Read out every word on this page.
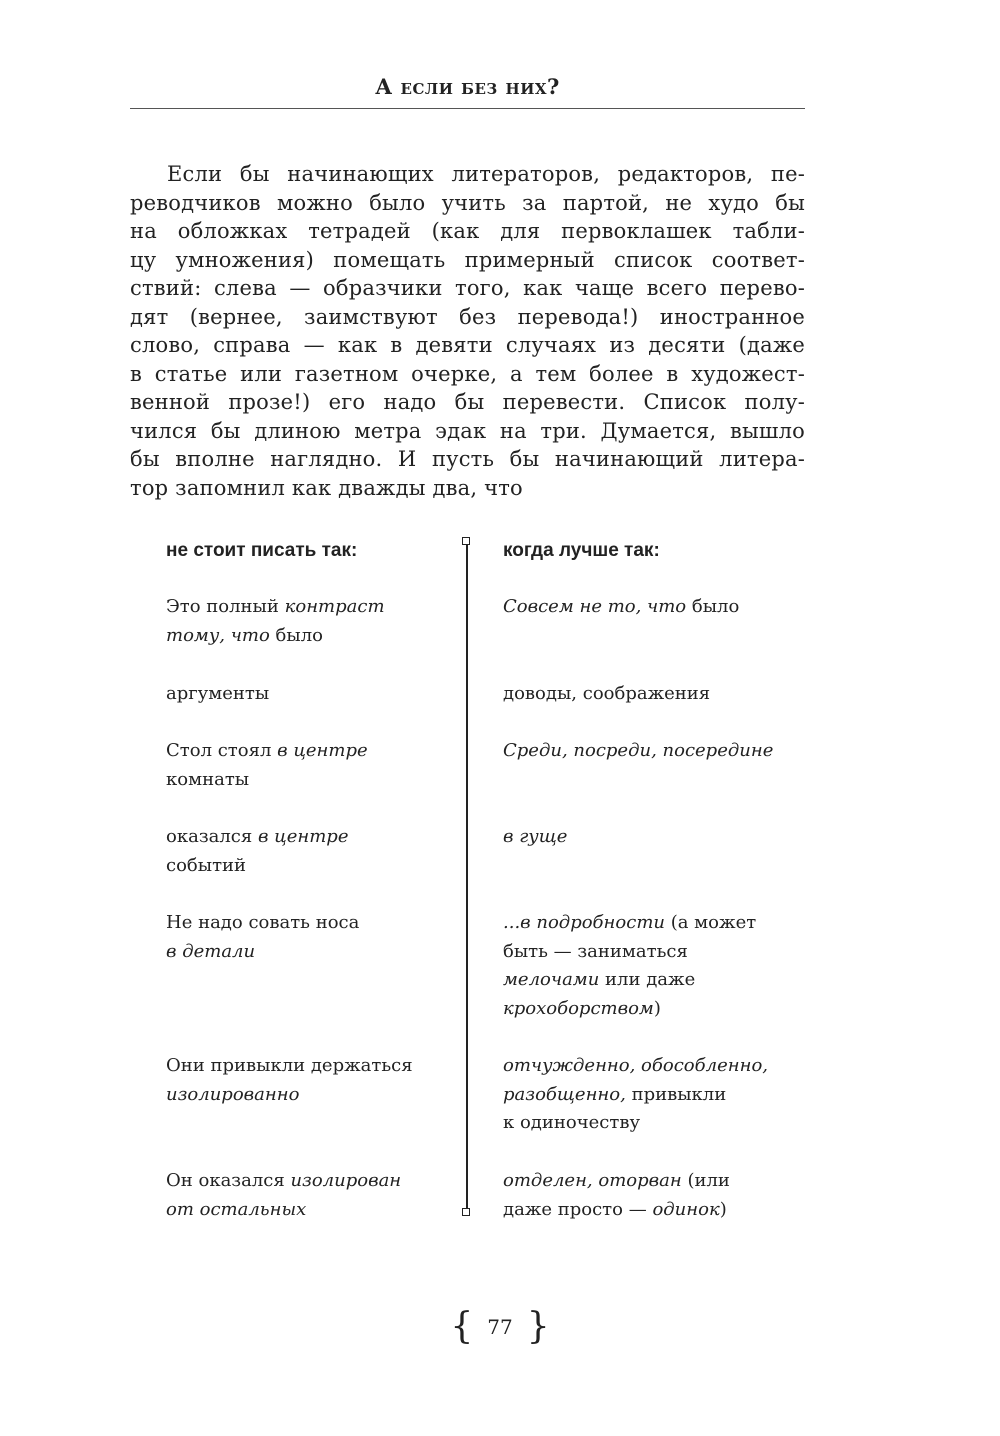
А если без них?
Если бы начинающих литераторов, редакторов, пе-
реводчиков можно было учить за партой, не худо бы
на обложках тетрадей (как для первоклашек табли-
цу умножения) помещать примерный список соответ-
ствий: слева — образчики того, как чаще всего перево-
дят (вернее, заимствуют без перевода!) иностранное
слово, справа — как в девяти случаях из десяти (даже
в статье или газетном очерке, а тем более в художест-
венной прозе!) его надо бы перевести. Список полу-
чился бы длиною метра эдак на три. Думается, вышло
бы вполне наглядно. И пусть бы начинающий литера-
тор запомнил как дважды два, что
не стоит писать так:	когда лучше так:
Это полный контраст
тому, что было
Совсем не то, что было
аргументы	доводы, соображения
Стол стоял в центре
комнаты
Среди, посреди, посередине
оказался в центре
событий
в гуще
Не надо совать носа
в детали
...в подробности (а может
быть — заниматься
мелочами или даже
крохоборством)
Они привыкли держаться
изолированно
отчужденно, обособленно,
разобщенно, привыкли
к одиночеству
Он оказался изолирован
от остальных
отделен, оторван (или
даже просто — одинок)
{ 77 }
